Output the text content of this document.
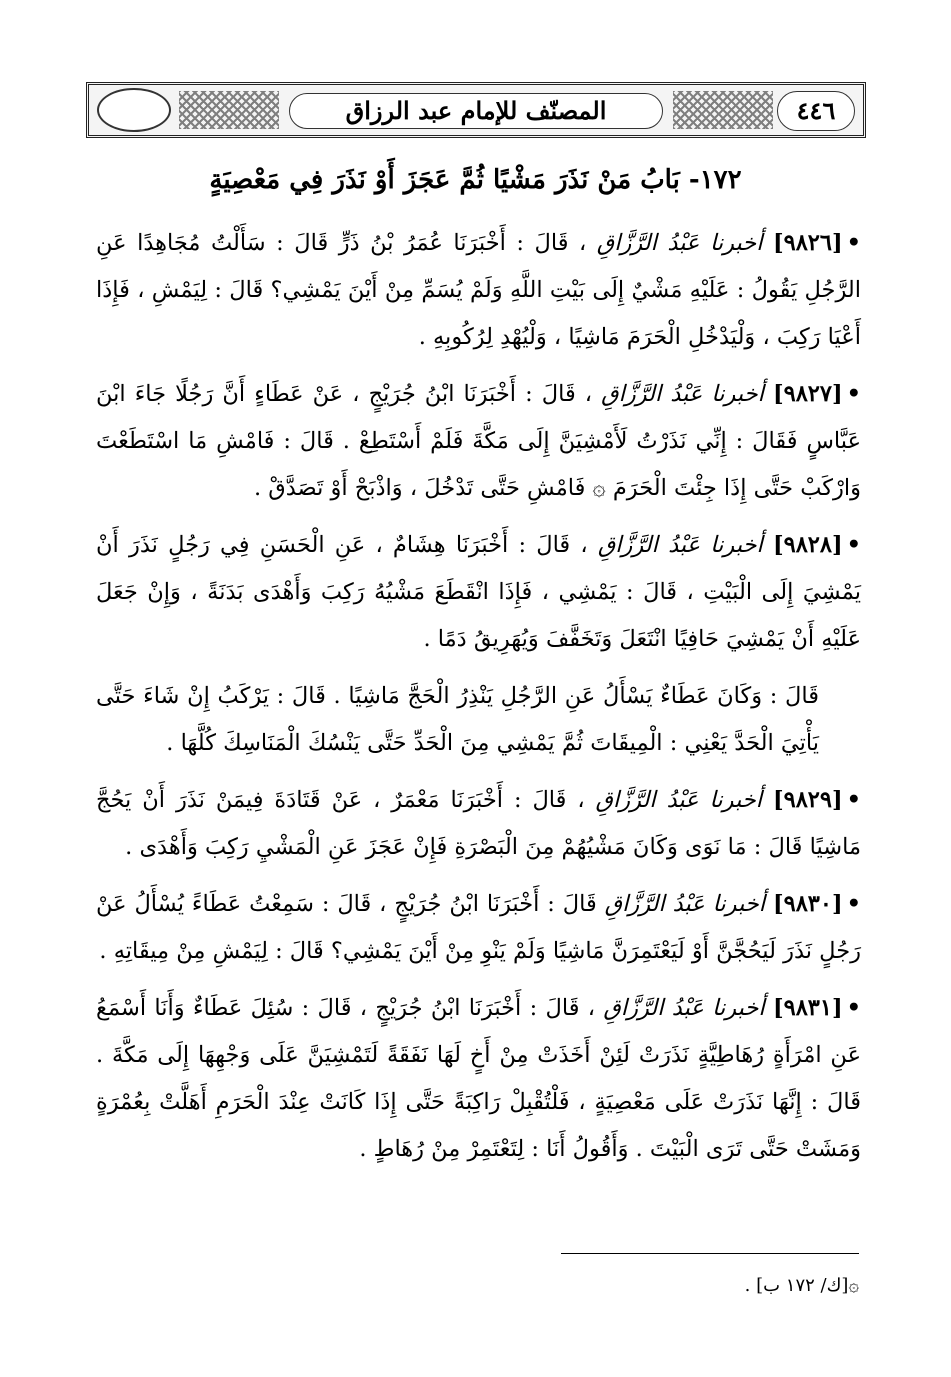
المصنّف للإمام عبد الرزاق	٤٤٦
١٧٢- بَابُ مَنْ نَذَرَ مَشْيًا ثُمَّ عَجَزَ أَوْ نَذَرَ فِي مَعْصِيَةٍ

•[٩٨٢٦] أخبرنا عَبْدُ الرَّزَّاقِ ، قَالَ : أَخْبَرَنَا عُمَرُ بْنُ ذَرٍّ قَالَ : سَأَلْتُ مُجَاهِدًا عَنِ الرَّجُلِ يَقُولُ : عَلَيْهِ مَشْيٌ إِلَى بَيْتِ اللَّهِ وَلَمْ يُسَمِّ مِنْ أَيْنَ يَمْشِي؟ قَالَ : لِيَمْشِ ، فَإِذَا أَعْيَا رَكِبَ ، وَلْيَدْخُلِ الْحَرَمَ مَاشِيًا ، وَلْيُهْدِ لِرُكُوبِهِ .

•[٩٨٢٧] أخبرنا عَبْدُ الرَّزَّاقِ ، قَالَ : أَخْبَرَنَا ابْنُ جُرَيْجٍ ، عَنْ عَطَاءٍ أَنَّ رَجُلًا جَاءَ ابْنَ عَبَّاسٍ فَقَالَ : إِنِّي نَذَرْتُ لَأَمْشِيَنَّ إِلَى مَكَّةَ فَلَمْ أَسْتَطِعْ . قَالَ : فَامْشِ مَا اسْتَطَعْتَ وَارْكَبْ حَتَّى إِذَا جِئْتَ الْحَرَمَ ۞ فَامْشِ حَتَّى تَدْخُلَ ، وَاذْبَحْ أَوْ تَصَدَّقْ .

•[٩٨٢٨] أخبرنا عَبْدُ الرَّزَّاقِ ، قَالَ : أَخْبَرَنَا هِشَامٌ ، عَنِ الْحَسَنِ فِي رَجُلٍ نَذَرَ أَنْ يَمْشِيَ إِلَى الْبَيْتِ ، قَالَ : يَمْشِي ، فَإِذَا انْقَطَعَ مَشْيُهُ رَكِبَ وَأَهْدَى بَدَنَةً ، وَإِنْ جَعَلَ عَلَيْهِ أَنْ يَمْشِيَ حَافِيًا انْتَعَلَ وَتَخَفَّفَ وَيُهَرِيقُ دَمًا .

قَالَ : وَكَانَ عَطَاءٌ يَسْأَلُ عَنِ الرَّجُلِ يَنْذِرُ الْحَجَّ مَاشِيًا . قَالَ : يَرْكَبُ إِنْ شَاءَ حَتَّى يَأْتِيَ الْحَدَّ يَعْنِي : الْمِيقَاتَ ثُمَّ يَمْشِي مِنَ الْحَدِّ حَتَّى يَنْسُكَ الْمَنَاسِكَ كُلَّهَا .

•[٩٨٢٩] أخبرنا عَبْدُ الرَّزَّاقِ ، قَالَ : أَخْبَرَنَا مَعْمَرٌ ، عَنْ قَتَادَةَ فِيمَنْ نَذَرَ أَنْ يَحُجَّ مَاشِيًا قَالَ : مَا نَوَى وَكَانَ مَشْيُهُمْ مِنَ الْبَصْرَةِ فَإِنْ عَجَزَ عَنِ الْمَشْيِ رَكِبَ وَأَهْدَى .

•[٩٨٣٠] أخبرنا عَبْدُ الرَّزَّاقِ قَالَ : أَخْبَرَنَا ابْنُ جُرَيْجٍ ، قَالَ : سَمِعْتُ عَطَاءً يُسْأَلُ عَنْ رَجُلٍ نَذَرَ لَيَحُجَّنَّ أَوْ لَيَعْتَمِرَنَّ مَاشِيًا وَلَمْ يَنْوِ مِنْ أَيْنَ يَمْشِي؟ قَالَ : لِيَمْشِ مِنْ مِيقَاتِهِ .

•[٩٨٣١] أخبرنا عَبْدُ الرَّزَّاقِ ، قَالَ : أَخْبَرَنَا ابْنُ جُرَيْجٍ ، قَالَ : سُئِلَ عَطَاءٌ وَأَنَا أَسْمَعُ عَنِ امْرَأَةٍ رُهَاطِيَّةٍ نَذَرَتْ لَئِنْ أَخَذَتْ مِنْ أَخٍ لَهَا نَفَقَةً لَتَمْشِيَنَّ عَلَى وَجْهِهَا إِلَى مَكَّةَ . قَالَ : إِنَّهَا نَذَرَتْ عَلَى مَعْصِيَةٍ ، فَلْتُقْبِلْ رَاكِبَةً حَتَّى إِذَا كَانَتْ عِنْدَ الْحَرَمِ أَهَلَّتْ بِعُمْرَةٍ وَمَشَتْ حَتَّى تَرَى الْبَيْتَ . وَأَقُولُ أَنَا : لِتَعْتَمِرْ مِنْ رُهَاطٍ .

۞[ك/ ١٧٢ ب] .
